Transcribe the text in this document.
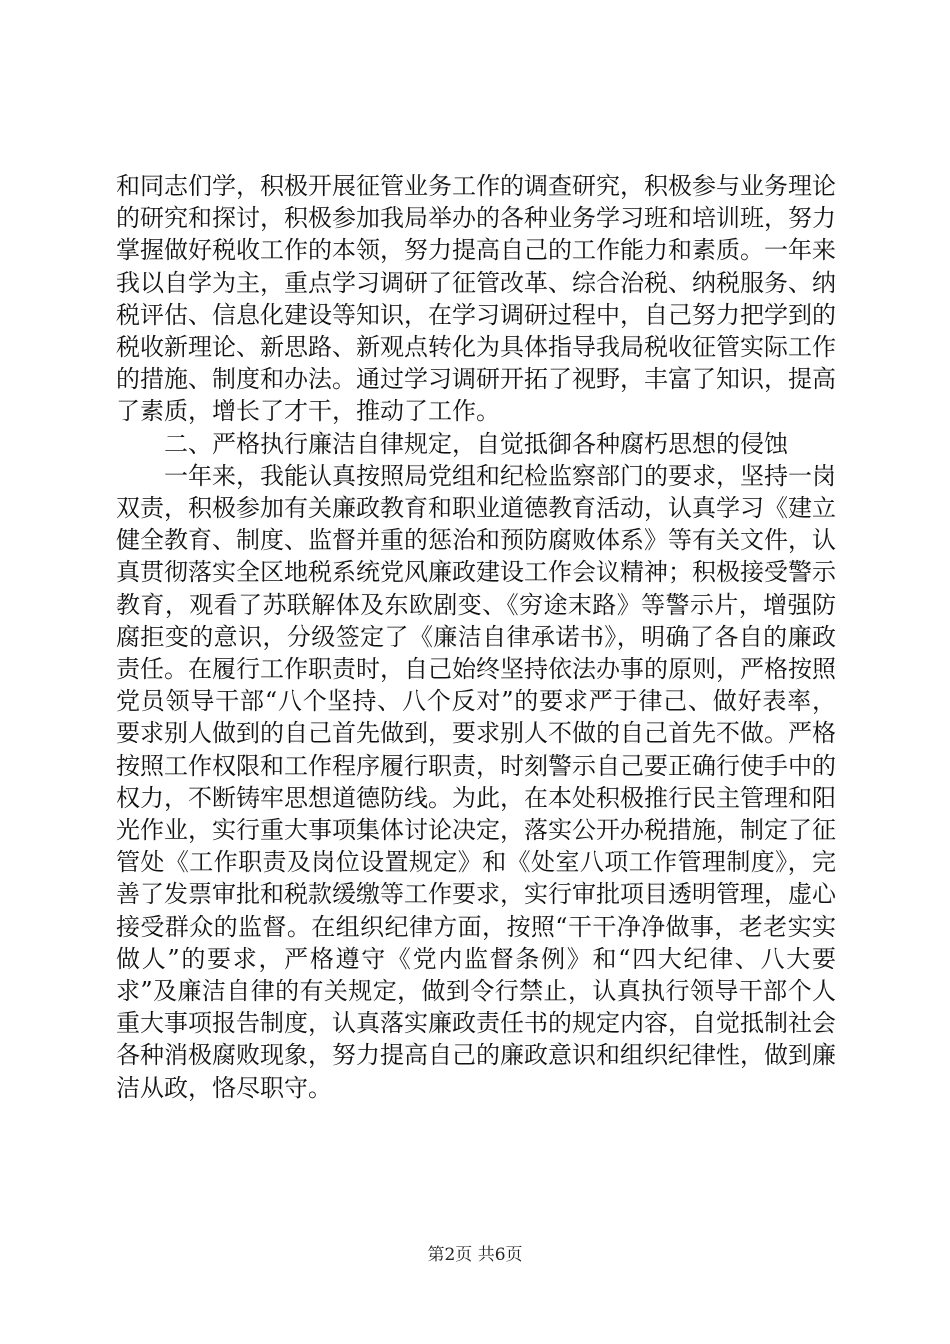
和同志们学，积极开展征管业务工作的调查研究，积极参与业务理论的研究和探讨，积极参加我局举办的各种业务学习班和培训班，努力掌握做好税收工作的本领，努力提高自己的工作能力和素质。一年来我以自学为主，重点学习调研了征管改革、综合治税、纳税服务、纳税评估、信息化建设等知识，在学习调研过程中，自己努力把学到的税收新理论、新思路、新观点转化为具体指导我局税收征管实际工作的措施、制度和办法。通过学习调研开拓了视野，丰富了知识，提高了素质，增长了才干，推动了工作。

二、严格执行廉洁自律规定，自觉抵御各种腐朽思想的侵蚀

一年来，我能认真按照局党组和纪检监察部门的要求，坚持一岗双责，积极参加有关廉政教育和职业道德教育活动，认真学习《建立健全教育、制度、监督并重的惩治和预防腐败体系》等有关文件，认真贯彻落实全区地税系统党风廉政建设工作会议精神；积极接受警示教育，观看了苏联解体及东欧剧变、《穷途末路》等警示片，增强防腐拒变的意识，分级签定了《廉洁自律承诺书》，明确了各自的廉政责任。在履行工作职责时，自己始终坚持依法办事的原则，严格按照党员领导干部“八个坚持、八个反对”的要求严于律己、做好表率，要求别人做到的自己首先做到，要求别人不做的自己首先不做。严格按照工作权限和工作程序履行职责，时刻警示自己要正确行使手中的权力，不断铸牢思想道德防线。为此，在本处积极推行民主管理和阳光作业，实行重大事项集体讨论决定，落实公开办税措施，制定了征管处《工作职责及岗位设置规定》和《处室八项工作管理制度》，完善了发票审批和税款缓缴等工作要求，实行审批项目透明管理，虚心接受群众的监督。在组织纪律方面，按照“干干净净做事，老老实实做人”的要求，严格遵守《党内监督条例》和“四大纪律、八大要求”及廉洁自律的有关规定，做到令行禁止，认真执行领导干部个人重大事项报告制度，认真落实廉政责任书的规定内容，自觉抵制社会各种消极腐败现象，努力提高自己的廉政意识和组织纪律性，做到廉洁从政，恪尽职守。

第2页 共6页
